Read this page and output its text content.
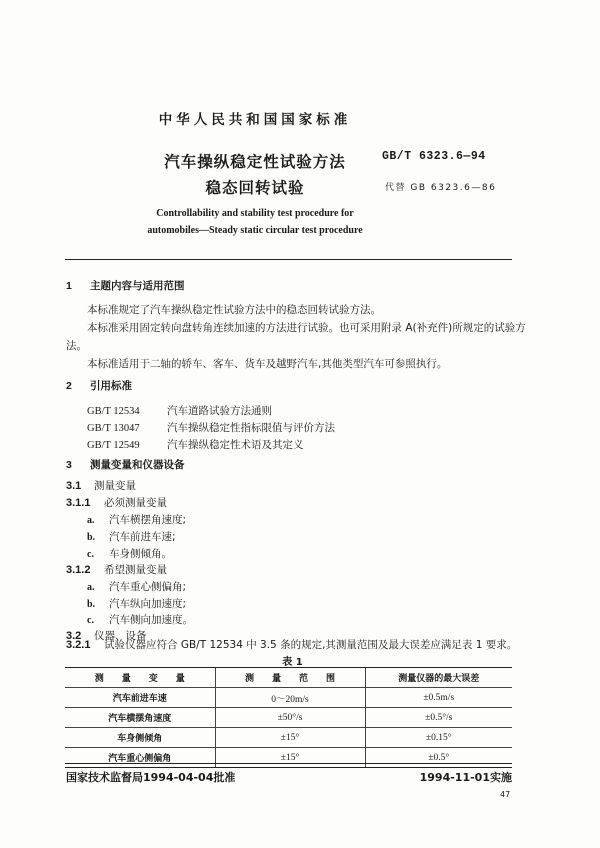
中华人民共和国国家标准
汽车操纵稳定性试验方法
稳态回转试验
GB/T 6323.6—94
代替 GB 6323.6—86
Controllability and stability test procedure for
automobiles—Steady static circular test procedure
1 主题内容与适用范围
本标准规定了汽车操纵稳定性试验方法中的稳态回转试验方法。
本标准采用固定转向盘转角连续加速的方法进行试验。也可采用附录 A(补充件)所规定的试验方
法。
本标准适用于二轴的轿车、客车、货车及越野汽车,其他类型汽车可参照执行。
2 引用标准
GB/T 12534	汽车道路试验方法通则
GB/T 13047	汽车操纵稳定性指标限值与评价方法
GB/T 12549	汽车操纵稳定性术语及其定义
3 测量变量和仪器设备
3.1 测量变量
3.1.1 必须测量变量
a. 汽车横摆角速度;
b. 汽车前进车速;
c. 车身侧倾角。
3.1.2 希望测量变量
a. 汽车重心侧偏角;
b. 汽车纵向加速度;
c. 汽车侧向加速度。
3.2 仪器、设备
3.2.1 试验仪器应符合 GB/T 12534 中 3.5 条的规定,其测量范围及最大误差应满足表 1 要求。
表 1
测　　量　　变　　量	测　　量　　范　　围	测量仪器的最大误差
汽车前进车速	0～20m/s	±0.5m/s
汽车横摆角速度	±50°/s	±0.5°/s
车身侧倾角	±15°	±0.15°
汽车重心侧偏角	±15°	±0.5°
国家技术监督局1994-04-04批准	1994-11-01实施
47
